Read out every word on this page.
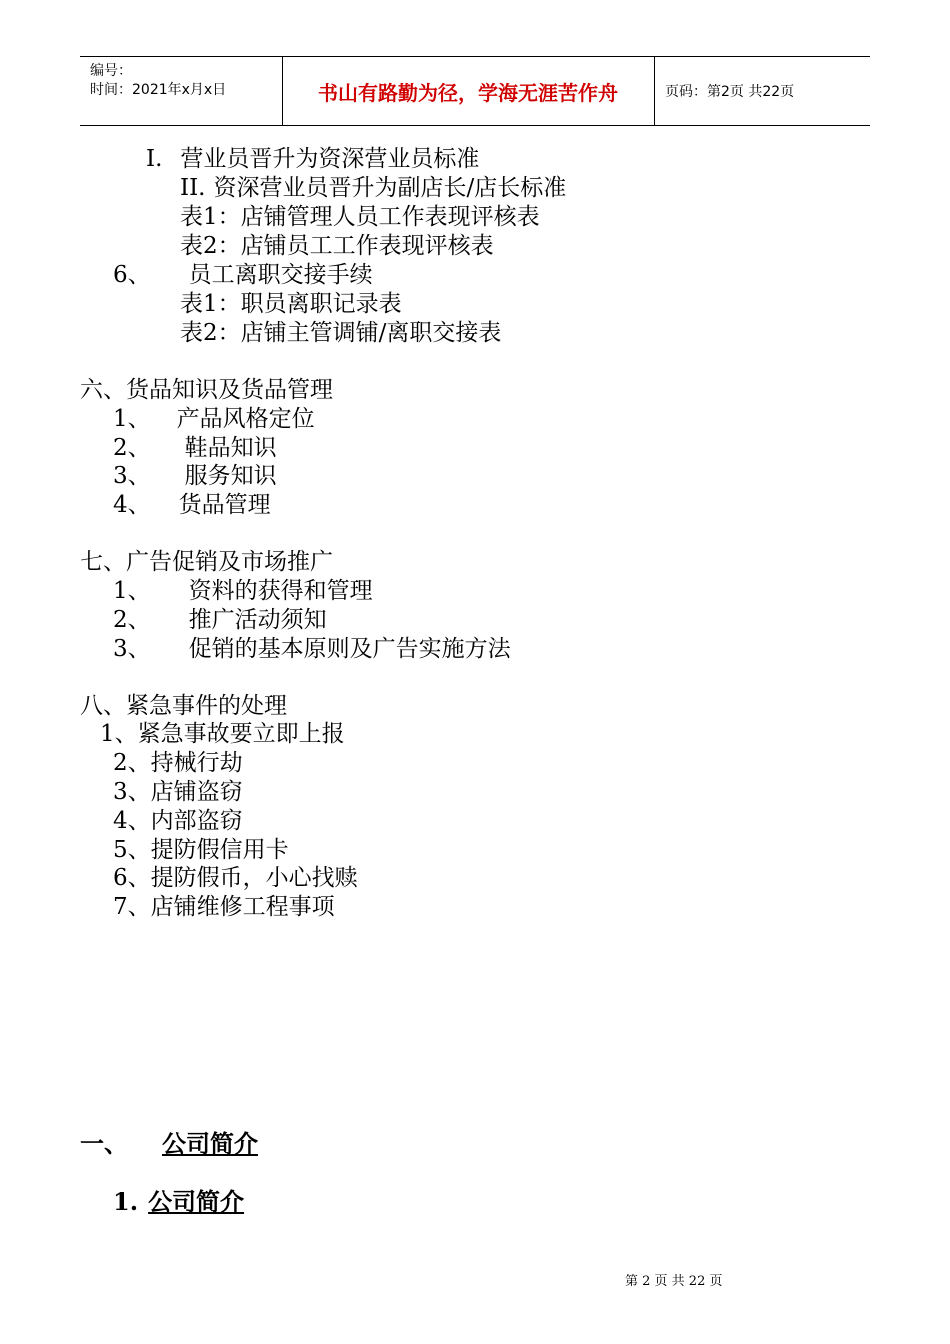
编号：
时间：2021年x月x日	书山有路勤为径，学海无涯苦作舟	页码：第2页 共22页
I. 营业员晋升为资深营业员标准
II. 资深营业员晋升为副店长/店长标准
表1：店铺管理人员工作表现评核表
表2：店铺员工工作表现评核表
6、 员工离职交接手续
表1：职员离职记录表
表2：店铺主管调铺/离职交接表
六、货品知识及货品管理
1、 产品风格定位
2、 鞋品知识
3、 服务知识
4、 货品管理
七、广告促销及市场推广
1、 资料的获得和管理
2、 推广活动须知
3、 促销的基本原则及广告实施方法
八、紧急事件的处理
1、紧急事故要立即上报
2、持械行劫
3、店铺盗窃
4、内部盗窃
5、提防假信用卡
6、提防假币，小心找赎
7、店铺维修工程事项
一、 公司简介
1. 公司简介
第 2 页 共 22 页
